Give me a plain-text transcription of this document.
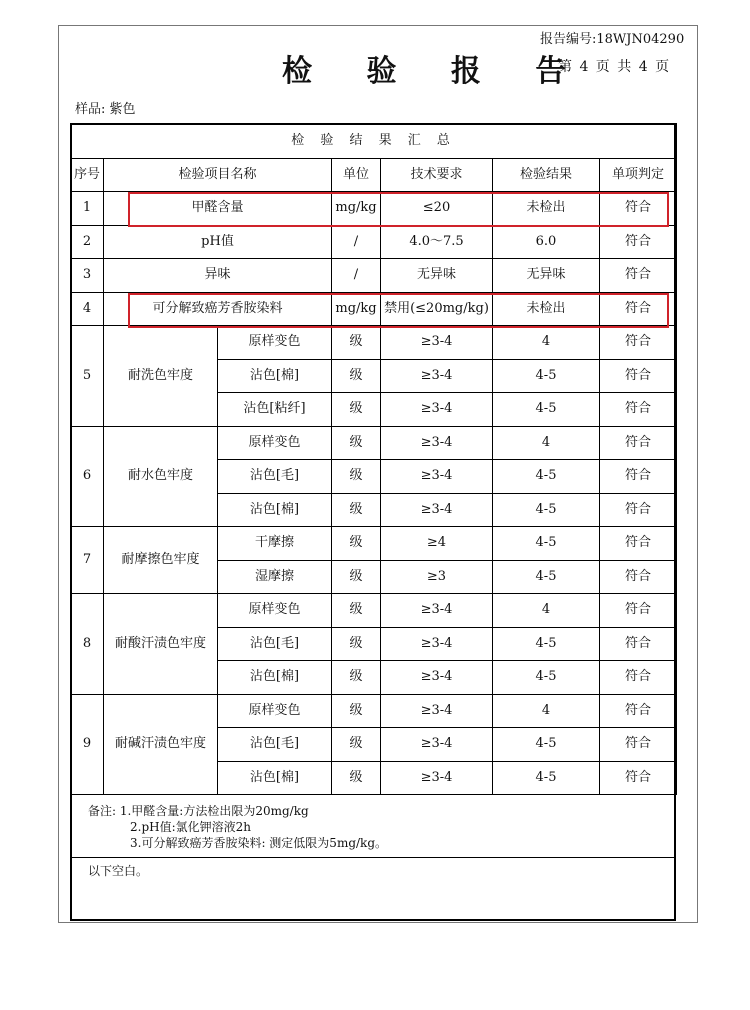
报告编号:18WJN04290
检 验 报 告
第 4 页 共 4 页
样品: 紫色
检 验 结 果 汇 总						
序号	检验项目名称		单位	技术要求	检验结果	单项判定
1	甲醛含量		mg/kg	≤20	未检出	符合
2	pH值		/	4.0～7.5	6.0	符合
3	异味		/	无异味	无异味	符合
4	可分解致癌芳香胺染料		mg/kg	禁用(≤20mg/kg)	未检出	符合
5	耐洗色牢度	原样变色	级	≥3-4	4	符合
		沾色[棉]	级	≥3-4	4-5	符合
		沾色[粘纤]	级	≥3-4	4-5	符合
6	耐水色牢度	原样变色	级	≥3-4	4	符合
		沾色[毛]	级	≥3-4	4-5	符合
		沾色[棉]	级	≥3-4	4-5	符合
7	耐摩擦色牢度	干摩擦	级	≥4	4-5	符合
		湿摩擦	级	≥3	4-5	符合
8	耐酸汗渍色牢度	原样变色	级	≥3-4	4	符合
		沾色[毛]	级	≥3-4	4-5	符合
		沾色[棉]	级	≥3-4	4-5	符合
9	耐碱汗渍色牢度	原样变色	级	≥3-4	4	符合
		沾色[毛]	级	≥3-4	4-5	符合
		沾色[棉]	级	≥3-4	4-5	符合
备注: 1.甲醛含量:方法检出限为20mg/kg
2.pH值:氯化钾溶液2h
3.可分解致癌芳香胺染料: 测定低限为5mg/kg。
以下空白。
